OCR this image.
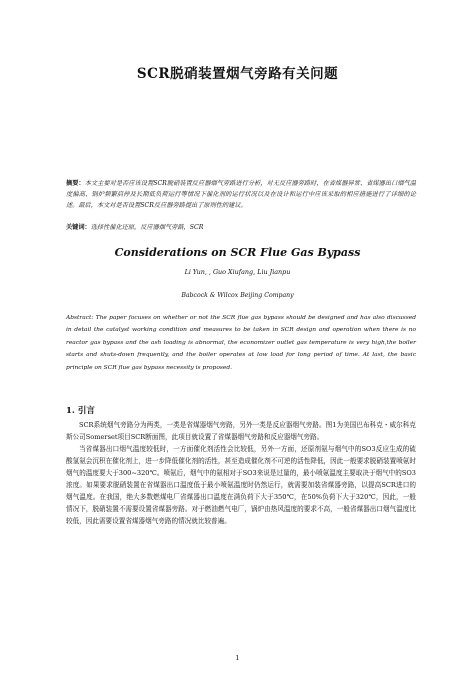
SCR脱硝装置烟气旁路有关问题
摘要：本文主要对是否应该设置SCR脱硝装置反应器烟气旁路进行分析，对无反应器旁路时，在省煤器异常、省煤器出口烟气温度偏高、锅炉频繁启停及长期低负荷运行等情况下催化剂的运行状况以及在设计和运行中应该采取的相应措施进行了详细的论述。最后，本文对是否设置SCR反应器旁路提出了原则性的建议。
关键词：选择性催化还原，反应器烟气旁路，SCR
Considerations on SCR Flue Gas Bypass
Li Yun, , Guo Xiufang, Liu Jianpu
Babcock & Wilcox Beijing Company
Abstract: The paper focuses on whether or not the SCR flue gas bypass should be designed and has also discussed in detail the catalyst working condition and measures to be taken in SCR design and operation when there is no reactor gas bypass and the ash loading is abnormal, the economizer outlet gas temperature is very high,the boiler starts and shuts-down frequently, and the boiler operates at low load for long period of time. At last, the basic principle on SCR flue gas bypass necessity is proposed.
1. 引言

SCR系统烟气旁路分为两类，一类是省煤器烟气旁路，另外一类是反应器烟气旁路。图1为美国巴布科克・威尔科克斯公司Somerset项目SCR断面图，此项目就设置了省煤器烟气旁路和反应器烟气旁路。

当省煤器出口烟气温度较低时，一方面催化剂活性会比较低，另外一方面，还原剂氨与烟气中的SO3反应生成的硫酸氢氨会沉积在催化剂上，进一步降低催化剂的活性，甚至造成催化剂不可逆的活性降低，因此一般要求脱硝装置喷氨时烟气的温度要大于300~320℃。喷氨后，烟气中的氨相对于SO3来说是过量的，最小喷氨温度主要取决于烟气中的SO3浓度。如果要求脱硝装置在省煤器出口温度低于最小喷氨温度时仍然运行，就需要加装省煤器旁路，以提高SCR进口的烟气温度。在我国，绝大多数燃煤电厂省煤器出口温度在满负荷下大于350℃，在50%负荷下大于320℃，因此，一般情况下，脱硝装置不需要设置省煤器旁路。对于燃油燃气电厂，锅炉由热风温度的要求不高，一般省煤器出口烟气温度比较低，因此需要设置省煤器烟气旁路的情况就比较普遍。

1
